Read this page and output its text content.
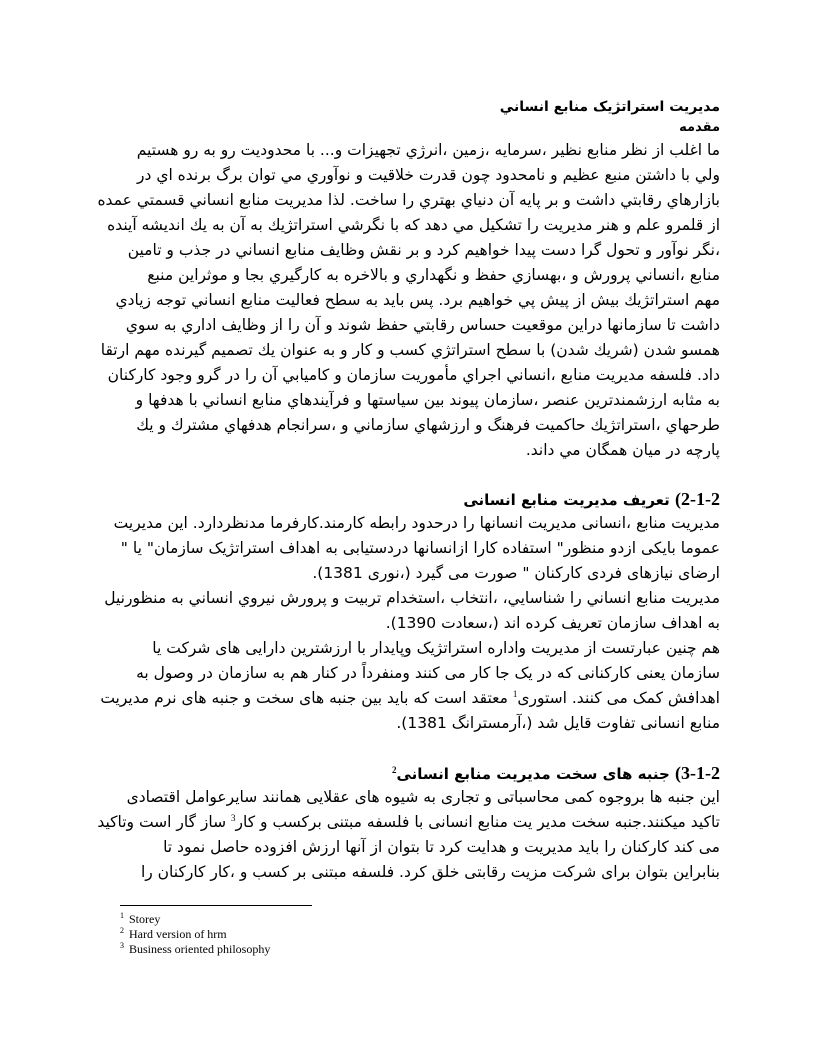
مديريت استراتژيک منابع انساني
مقدمه
ما اغلب از نظر منابع نظير ،سرمايه ،زمين ،انرژي تجهيزات و... با محدوديت رو به رو هستيم
ولي با داشتن منبع عظيم و نامحدود چون قدرت خلاقيت و نوآوري مي توان برگ برنده اي در
بازارهاي رقابتي داشت و بر پايه آن دنياي بهتري را ساخت. لذا مديريت منابع انساني قسمتي عمده
از قلمرو علم و هنر مديريت را تشكيل مي دهد كه با نگرشي استراتژيك به آن به يك انديشه آينده
،نگر نوآور و تحول گرا دست پيدا خواهيم كرد و بر نقش وظايف منابع انساني در جذب و تامين
منابع ،انساني پرورش و ،بهسازي حفظ و نگهداري و بالاخره به كارگيري بجا و موثراين منبع
مهم استراتژيك بيش از پيش پي خواهيم برد. پس بايد به سطح فعاليت منابع انساني توجه زيادي
داشت تا سازمانها دراين موقعيت حساس رقابتي حفظ شوند و آن را از وظايف اداري به سوي
همسو شدن (شريك شدن) با سطح استراتژي كسب و كار و به عنوان يك تصميم گيرنده مهم ارتقا
داد. فلسفه مديريت منابع ،انساني اجراي مأموريت سازمان و كاميابي آن را در گرو وجود كاركنان
به مثابه ارزشمندترين عنصر ،سازمان پيوند بين سياستها و فرآيندهاي منابع انساني با هدفها و
طرحهاي ،استراتژيك حاكميت فرهنگ و ارزشهاي سازماني و ،سرانجام هدفهاي مشترك و يك
پارچه در ميان همگان مي داند.
2-1-2) تعریف مدیریت منابع انسانی
مدیریت منابع ،انسانی مدیریت انسانها را درحدود رابطه کارمند.کارفرما مدنظردارد. این مدیریت
عموما بایکی ازدو منظور" استفاده کارا ازانسانها دردستیابی به اهداف استراتژیک سازمان" یا "
ارضای نیازهای فردی کارکنان " صورت می گیرد (،نوری 1381).
مديريت منابع انساني را شناسايي، ،انتخاب ،استخدام تربيت و پرورش نيروي انساني به منظورنيل
به اهداف سازمان تعريف كرده اند (،سعادت 1390).
هم چنین عبارتست از مدیریت واداره استراتژیک وپایدار با ارزشترین دارایی های شرکت یا
سازمان یعنی کارکنانی که در یک جا کار می کنند ومنفرداً در کنار هم به سازمان در وصول به
اهدافش کمک می کنند. استوری$^1$ معتقد است که باید بین جنبه های سخت و جنبه های نرم مدیریت
منابع انسانی تفاوت قایل شد (،آرمسترانگ 1381).
3-1-2) جنبه های سخت مدیریت منابع انسانی$^2$
این جنبه ها بروجوه کمی محاسباتی و تجاری به شیوه های عقلایی همانند سایرعوامل اقتصادی
تاکید میکنند.جنبه سخت مدیر یت منابع انسانی با فلسفه مبتنی برکسب و کار$^3$ ساز گار است وتاکید
می کند کارکنان را باید مدیریت و هدایت کرد تا بتوان از آنها ارزش افزوده حاصل نمود تا
بنابراین بتوان برای شرکت مزیت رقابتی خلق کرد. فلسفه مبتنی بر کسب و ،کار کارکنان را
$^1$ Storey
$^2$ Hard version of hrm
$^3$ Business oriented philosophy
